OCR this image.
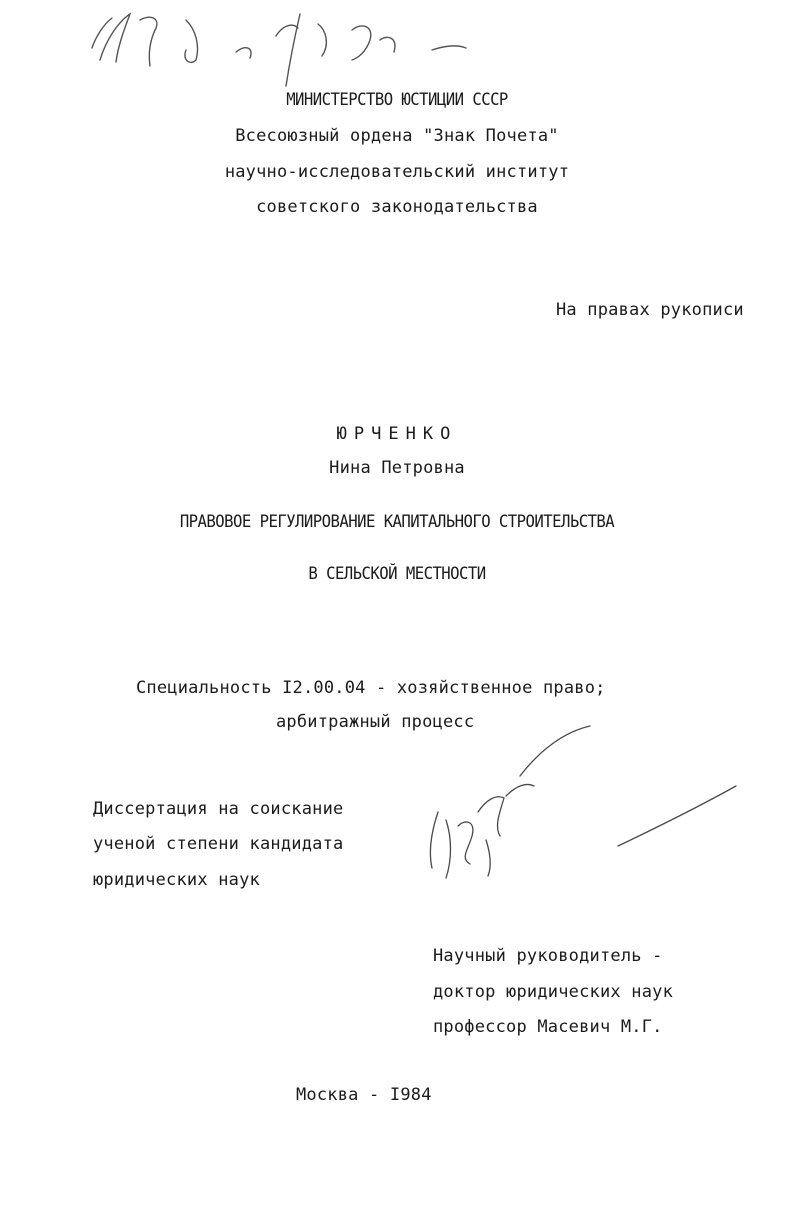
МИНИСТЕРСТВО ЮСТИЦИИ СССР
Всесоюзный ордена "Знак Почета"
научно-исследовательский институт
советского законодательства
На правах рукописи
ЮРЧЕНКО
Нина Петровна
ПРАВОВОЕ РЕГУЛИРОВАНИЕ КАПИТАЛЬНОГО СТРОИТЕЛЬСТВА
В СЕЛЬСКОЙ МЕСТНОСТИ
Специальность I2.00.04 - хозяйственное право;
арбитражный процесс
Диссертация на соискание
ученой степени кандидата
юридических наук
Научный руководитель -
доктор юридических наук
профессор Масевич М.Г.
Москва - I984
